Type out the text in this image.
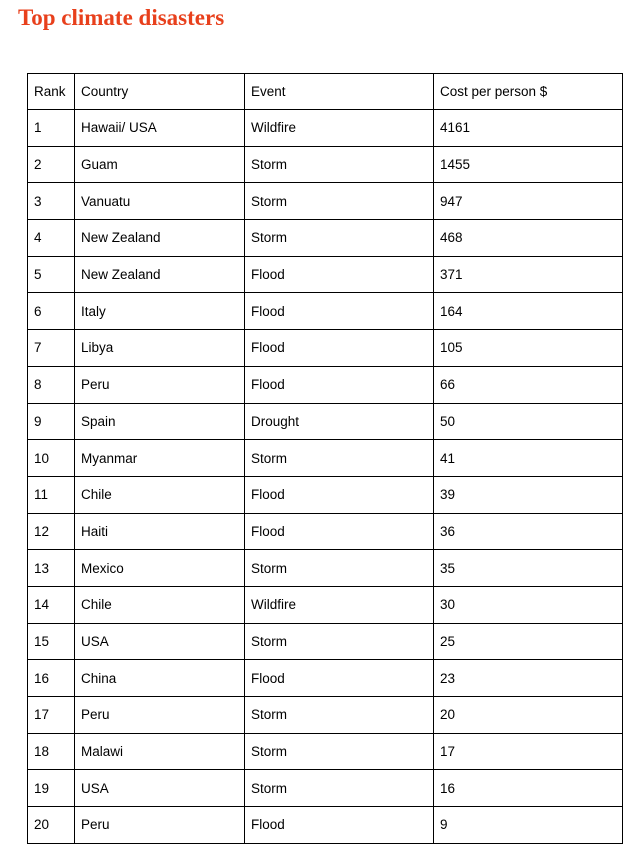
Top climate disasters
Rank	Country	Event	Cost per person $
1	Hawaii/ USA	Wildfire	4161
2	Guam	Storm	1455
3	Vanuatu	Storm	947
4	New Zealand	Storm	468
5	New Zealand	Flood	371
6	Italy	Flood	164
7	Libya	Flood	105
8	Peru	Flood	66
9	Spain	Drought	50
10	Myanmar	Storm	41
11	Chile	Flood	39
12	Haiti	Flood	36
13	Mexico	Storm	35
14	Chile	Wildfire	30
15	USA	Storm	25
16	China	Flood	23
17	Peru	Storm	20
18	Malawi	Storm	17
19	USA	Storm	16
20	Peru	Flood	9
